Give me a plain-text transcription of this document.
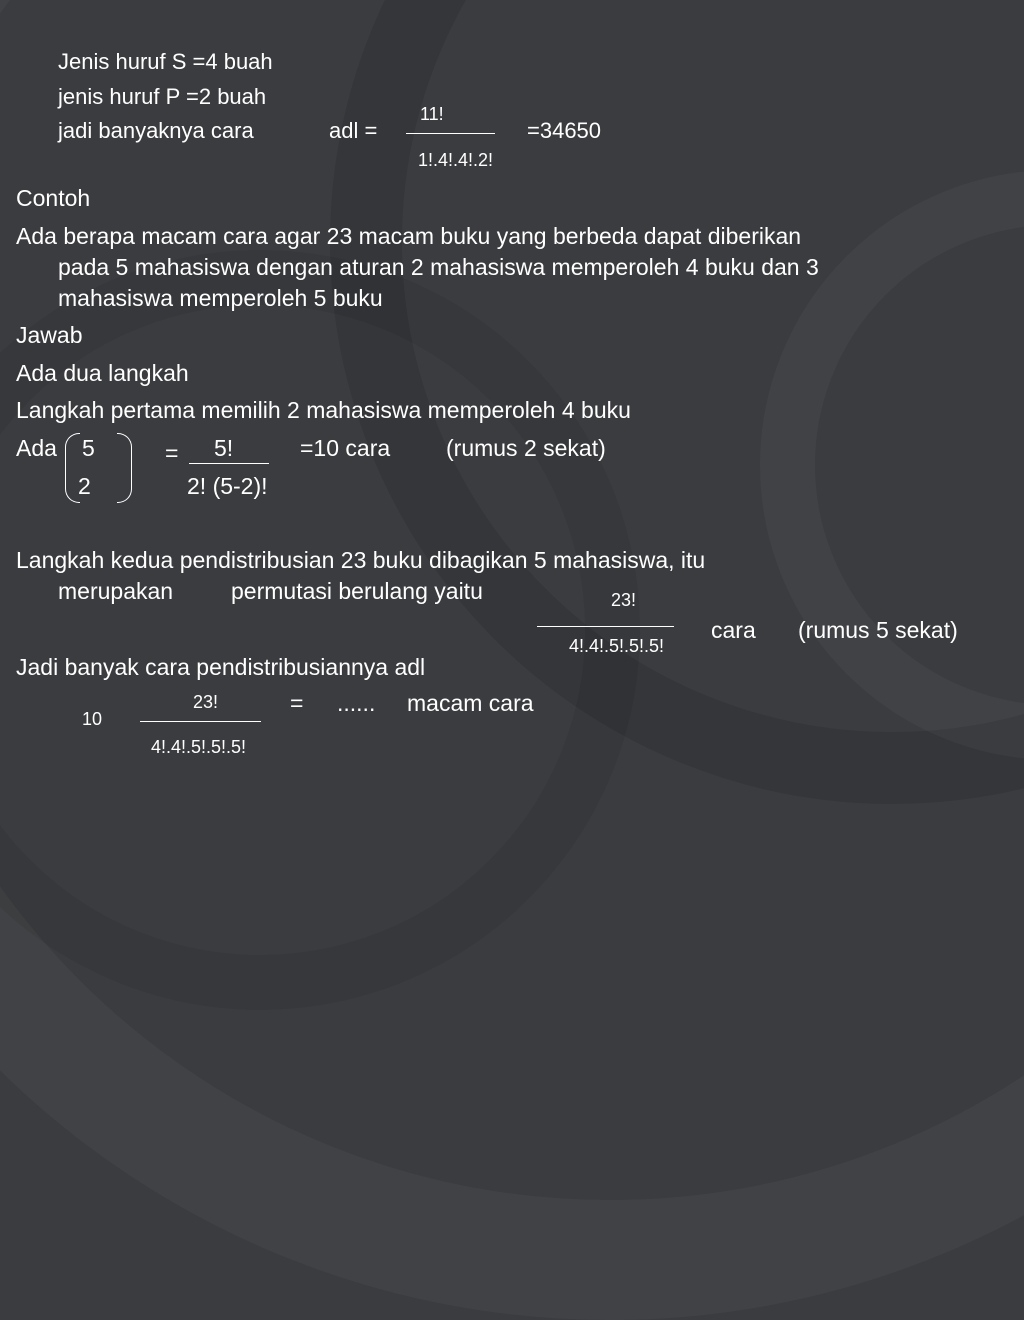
Jenis huruf S =4 buah
jenis huruf P =2 buah
jadi banyaknya cara	adl =
11!
1!.4!.4!.2!
=34650
Contoh
Ada berapa macam cara agar 23 macam buku yang berbeda dapat diberikan
pada 5 mahasiswa dengan aturan 2 mahasiswa memperoleh 4 buku dan 3
mahasiswa memperoleh 5 buku
Jawab
Ada dua langkah
Langkah pertama memilih 2 mahasiswa memperoleh 4 buku
Ada 5
2
= 5!
2! (5-2)!
=10 cara (rumus 2 sekat)
Langkah kedua pendistribusian 23 buku dibagikan 5 mahasiswa, itu
merupakan	permutasi berulang yaitu	23!
4!.4!.5!.5!.5!
cara (rumus 5 sekat)
Jadi banyak cara pendistribusiannya adl
10
23!
4!.4!.5!.5!.5!
= ...... macam cara
